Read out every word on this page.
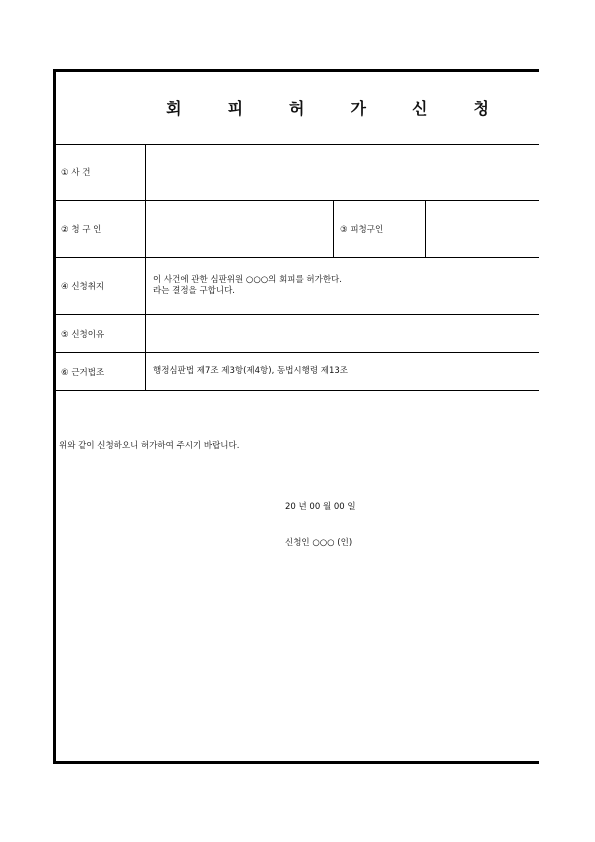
회	피	허	가	신	청
① 사 건
② 청 구 인	③ 피청구인
④ 신청취지
이 사건에 관한 심판위원 ○○○의 회피를 허가한다.
라는 결정을 구합니다.
⑤ 신청이유
⑥ 근거법조	행정심판법 제7조 제3항(제4항), 동법시행령 제13조
위와 같이 신청하오니 허가하여 주시기 바랍니다.
20 년 00 월 00 일
신청인 ○○○ (인)
